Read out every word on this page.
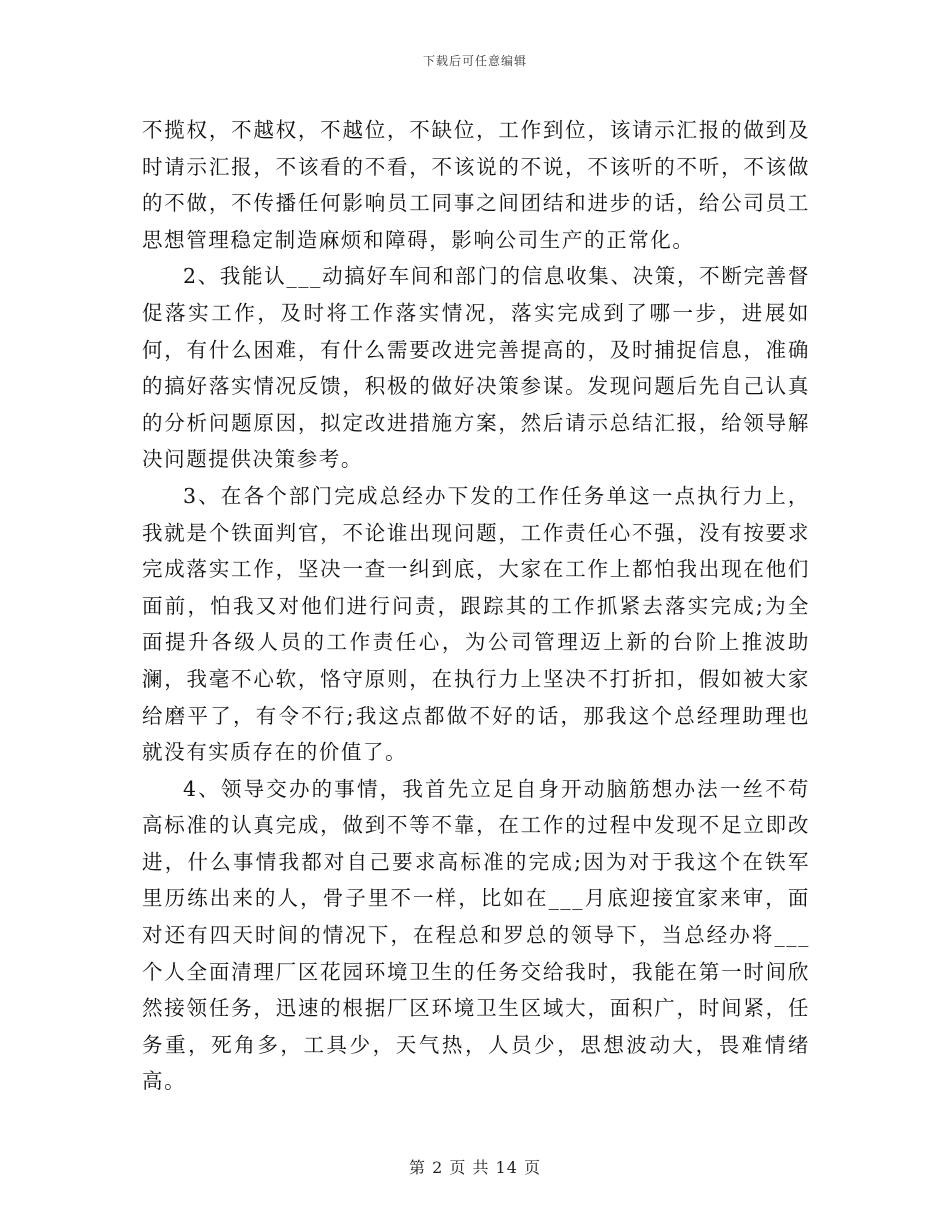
下载后可任意编辑

不揽权，不越权，不越位，不缺位，工作到位，该请示汇报的做到及时请示汇报，不该看的不看，不该说的不说，不该听的不听，不该做的不做，不传播任何影响员工同事之间团结和进步的话，给公司员工思想管理稳定制造麻烦和障碍，影响公司生产的正常化。

2、我能认___动搞好车间和部门的信息收集、决策，不断完善督促落实工作，及时将工作落实情况，落实完成到了哪一步，进展如何，有什么困难，有什么需要改进完善提高的，及时捕捉信息，准确的搞好落实情况反馈，积极的做好决策参谋。发现问题后先自己认真的分析问题原因，拟定改进措施方案，然后请示总结汇报，给领导解决问题提供决策参考。

3、在各个部门完成总经办下发的工作任务单这一点执行力上，我就是个铁面判官，不论谁出现问题，工作责任心不强，没有按要求完成落实工作，坚决一查一纠到底，大家在工作上都怕我出现在他们面前，怕我又对他们进行问责，跟踪其的工作抓紧去落实完成;为全面提升各级人员的工作责任心，为公司管理迈上新的台阶上推波助澜，我毫不心软，恪守原则，在执行力上坚决不打折扣，假如被大家给磨平了，有令不行;我这点都做不好的话，那我这个总经理助理也就没有实质存在的价值了。

4、领导交办的事情，我首先立足自身开动脑筋想办法一丝不苟高标准的认真完成，做到不等不靠，在工作的过程中发现不足立即改进，什么事情我都对自己要求高标准的完成;因为对于我这个在铁军里历练出来的人，骨子里不一样，比如在___月底迎接宜家来审，面对还有四天时间的情况下，在程总和罗总的领导下，当总经办将___个人全面清理厂区花园环境卫生的任务交给我时，我能在第一时间欣然接领任务，迅速的根据厂区环境卫生区域大，面积广，时间紧，任务重，死角多，工具少，天气热，人员少，思想波动大，畏难情绪高。

第 2 页 共 14 页
